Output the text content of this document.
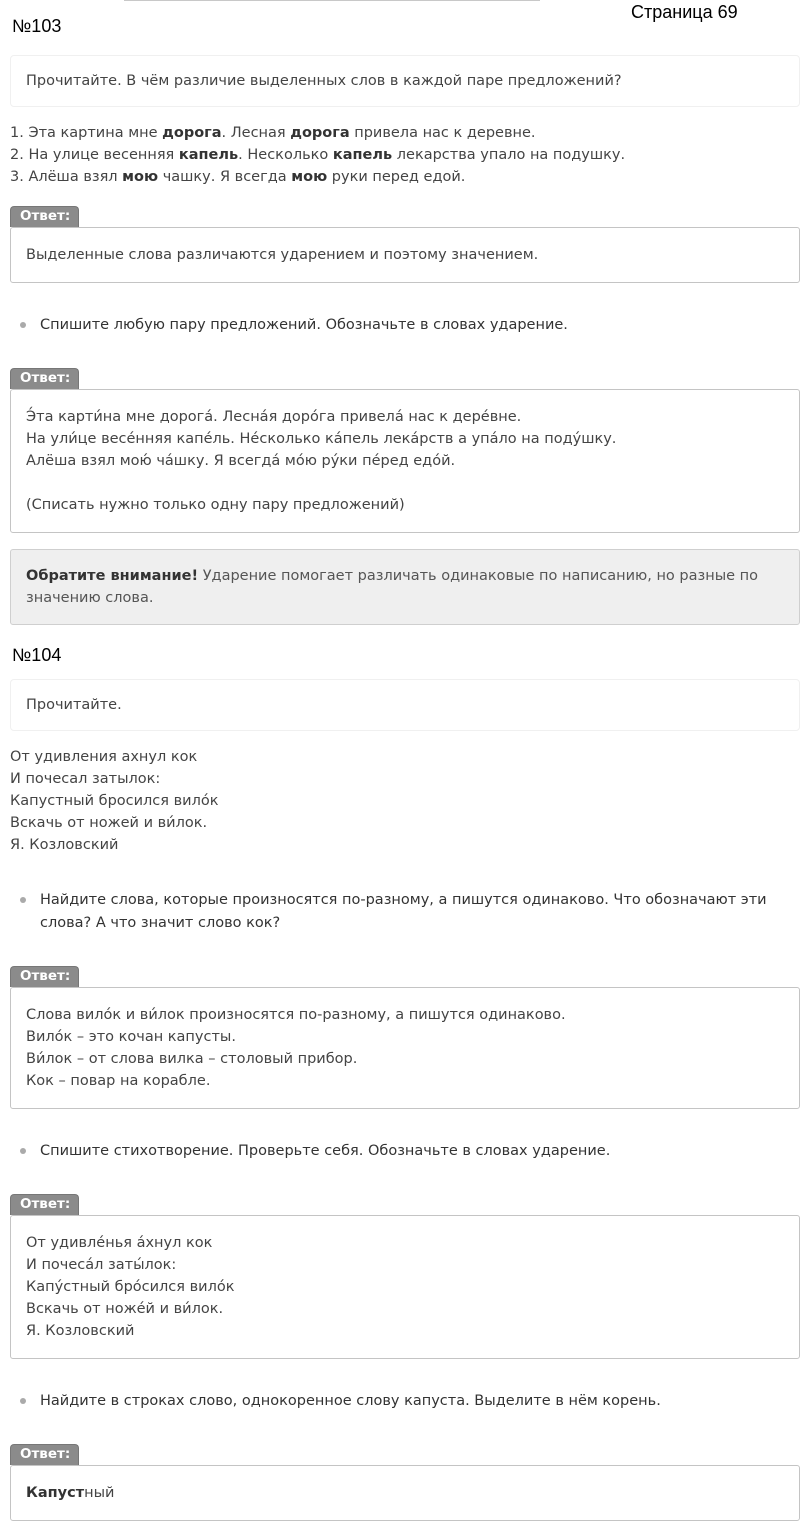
Страница 69
№103
Прочитайте. В чём различие выделенных слов в каждой паре предложений?
1. Эта картина мне дорога. Лесная дорога привела нас к деревне.
2. На улице весенняя капель. Несколько капель лекарства упало на подушку.
3. Алёша взял мою чашку. Я всегда мою руки перед едой.
Ответ:
Выделенные слова различаются ударением и поэтому значением.
Спишите любую пару предложений. Обозначьте в словах ударение.
Ответ:
Э́та карти́на мне дорога́. Лесна́я доро́га привела́ нас к дере́вне.
На ули́це весе́нняя капе́ль. Не́сколько ка́пель лека́рств а упа́ло на поду́шку.
Алёша взял мою́ ча́шку. Я всегда́ мо́ю ру́ки пе́ред едо́й.
(Списать нужно только одну пару предложений)
Обратите внимание! Ударение помогает различать одинаковые по написанию, но разные по значению слова.
№104
Прочитайте.
От удивления ахнул кок
И почесал затылок:
Капустный бросился вило́к
Вскачь от ножей и ви́лок.
Я. Козловский
Найдите слова, которые произносятся по-разному, а пишутся одинаково. Что обозначают эти слова? А что значит слово кок?
Ответ:
Слова вило́к и ви́лок произносятся по-разному, а пишутся одинаково.
Вило́к – это кочан капусты.
Ви́лок – от слова вилка – столовый прибор.
Кок – повар на корабле.
Спишите стихотворение. Проверьте себя. Обозначьте в словах ударение.
Ответ:
От удивле́нья а́хнул кок
И почеса́л заты́лок:
Капу́стный бро́сился вило́к
Вскачь от ноже́й и ви́лок.
Я. Козловский
Найдите в строках слово, однокоренное слову капуста. Выделите в нём корень.
Ответ:
Капустный
